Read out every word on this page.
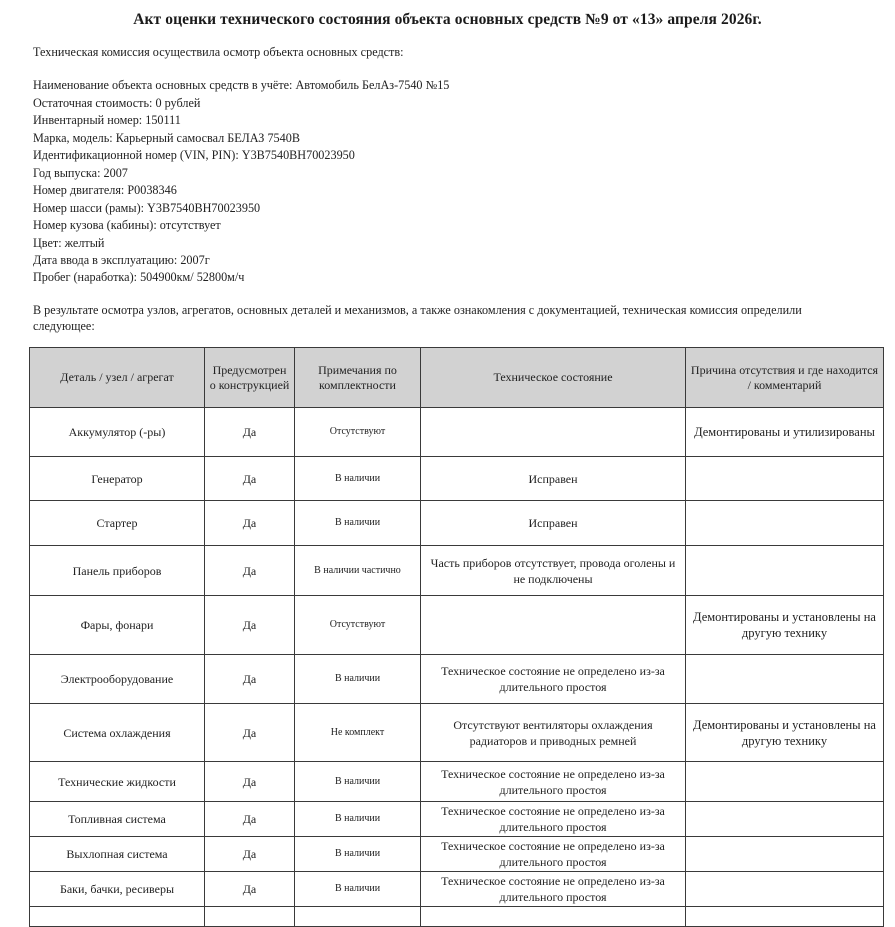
Акт оценки технического состояния объекта основных средств №9 от «13» апреля 2026г.
Техническая комиссия осуществила осмотр объекта основных средств:
Наименование объекта основных средств в учёте: Автомобиль БелАз-7540 №15
Остаточная стоимость: 0 рублей
Инвентарный номер: 150111
Марка, модель: Карьерный самосвал БЕЛАЗ 7540В
Идентификационной номер (VIN, PIN): Y3B7540BH70023950
Год выпуска: 2007
Номер двигателя: P0038346
Номер шасси (рамы): Y3B7540BH70023950
Номер кузова (кабины): отсутствует
Цвет: желтый
Дата ввода в эксплуатацию: 2007г
Пробег (наработка): 504900км/ 52800м/ч
В результате осмотра узлов, агрегатов, основных деталей и механизмов, а также ознакомления с документацией, техническая комиссия определили
следующее:
Деталь / узел / агрегат	Предусмотрен о конструкцией	Примечания по комплектности	Техническое состояние	Причина отсутствия и где находится / комментарий
Аккумулятор (-ры)	Да	Отсутствуют		Демонтированы и утилизированы
Генератор	Да	В наличии	Исправен	
Стартер	Да	В наличии	Исправен	
Панель приборов	Да	В наличии частично	Часть приборов отсутствует, провода оголены и не подключены	
Фары, фонари	Да	Отсутствуют		Демонтированы и установлены на другую технику
Электрооборудование	Да	В наличии	Техническое состояние не определено из-за длительного простоя	
Система охлаждения	Да	Не комплект	Отсутствуют вентиляторы охлаждения радиаторов и приводных ремней	Демонтированы и установлены на другую технику
Технические жидкости	Да	В наличии	Техническое состояние не определено из-за длительного простоя	
Топливная система	Да	В наличии	Техническое состояние не определено из-за длительного простоя	
Выхлопная система	Да	В наличии	Техническое состояние не определено из-за длительного простоя	
Баки, бачки, ресиверы	Да	В наличии	Техническое состояние не определено из-за длительного простоя	
